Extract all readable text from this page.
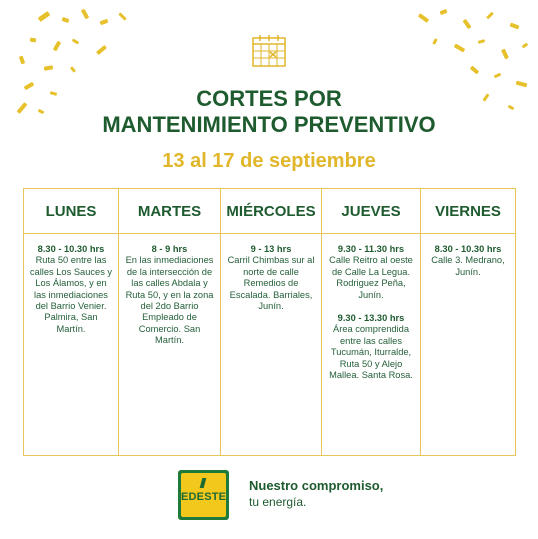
CORTES POR
MANTENIMIENTO PREVENTIVO
13 al 17 de septiembre
LUNES
8.30 - 10.30 hrs
Ruta 50 entre las calles Los Sauces y Los Álamos, y en las inmediaciones del Barrio Venier. Palmira, San Martín.
MARTES
8 - 9 hrs
En las inmediaciones de la intersección de las calles Abdala y Ruta 50, y en la zona del 2do Barrio Empleado de Comercio. San Martín.
MIÉRCOLES
9 - 13 hrs
Carril Chimbas sur al norte de calle Remedios de Escalada. Barriales, Junín.
JUEVES
9.30 - 11.30 hrs
Calle Reitro al oeste de Calle La Legua. Rodriguez Peña, Junín.
9.30 - 13.30 hrs
Área comprendida entre las calles Tucumán, Iturralde, Ruta 50 y Alejo Mallea. Santa Rosa.
VIERNES
8.30 - 10.30 hrs
Calle 3. Medrano, Junín.
EDESTE
Nuestro compromiso,
tu energía.
